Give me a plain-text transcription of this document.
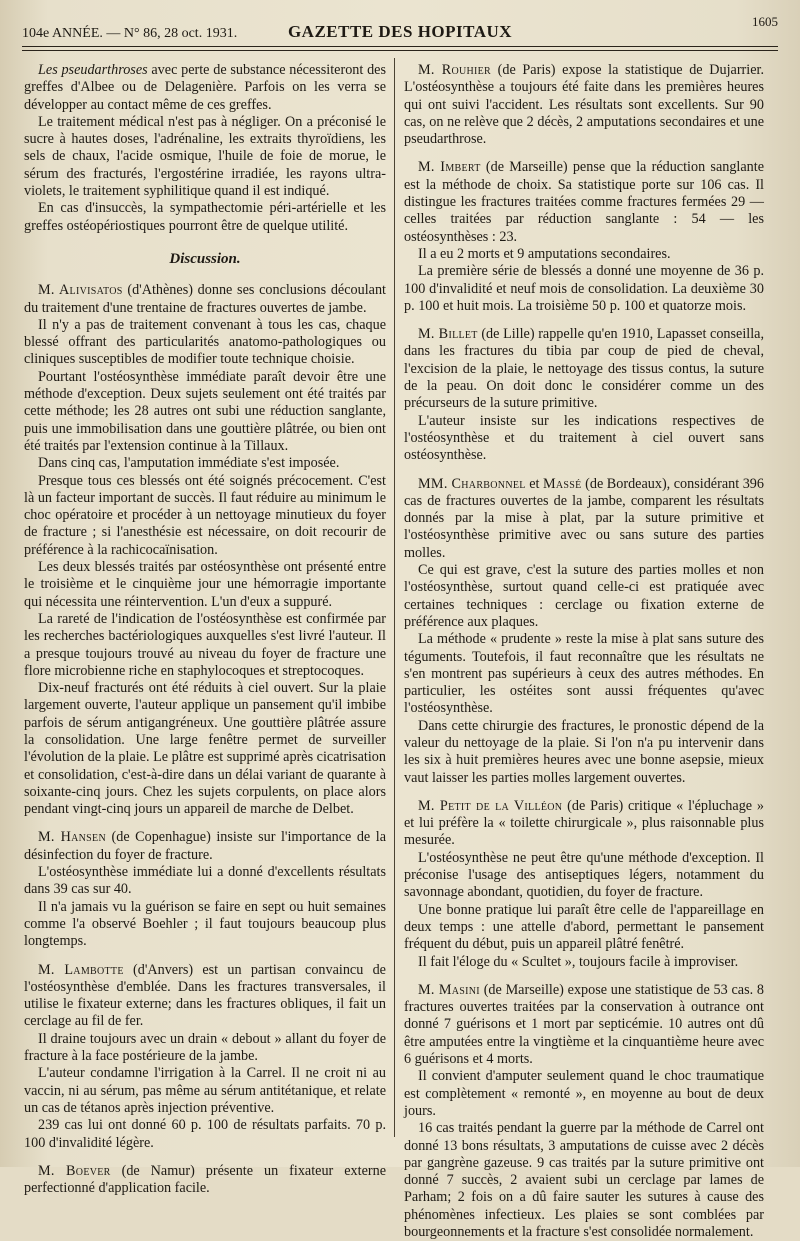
104e ANNÉE. — N° 86, 28 oct. 1931.	GAZETTE DES HOPITAUX
1605

Les pseudarthroses avec perte de substance nécessiteront des greffes d'Albee ou de Delagenière. Parfois on les verra se développer au contact même de ces greffes.

Le traitement médical n'est pas à négliger. On a préconisé le sucre à hautes doses, l'adrénaline, les extraits thyroïdiens, les sels de chaux, l'acide osmique, l'huile de foie de morue, le sérum des fracturés, l'ergostérine irradiée, les rayons ultra-violets, le traitement syphilitique quand il est indiqué.

En cas d'insuccès, la sympathectomie péri-artérielle et les greffes ostéopériostiques pourront être de quelque utilité.

Discussion.

M. Alivisatos (d'Athènes) donne ses conclusions découlant du traitement d'une trentaine de fractures ouvertes de jambe.

Il n'y a pas de traitement convenant à tous les cas, chaque blessé offrant des particularités anatomo-pathologiques ou cliniques susceptibles de modifier toute technique choisie.

Pourtant l'ostéosynthèse immédiate paraît devoir être une méthode d'exception. Deux sujets seulement ont été traités par cette méthode; les 28 autres ont subi une réduction sanglante, puis une immobilisation dans une gouttière plâtrée, ou bien ont été traités par l'extension continue à la Tillaux.

Dans cinq cas, l'amputation immédiate s'est imposée.

Presque tous ces blessés ont été soignés précocement. C'est là un facteur important de succès. Il faut réduire au minimum le choc opératoire et procéder à un nettoyage minutieux du foyer de fracture ; si l'anesthésie est nécessaire, on doit recourir de préférence à la rachicocaïnisation.

Les deux blessés traités par ostéosynthèse ont présenté entre le troisième et le cinquième jour une hémorragie importante qui nécessita une réintervention. L'un d'eux a suppuré.

La rareté de l'indication de l'ostéosynthèse est confirmée par les recherches bactériologiques auxquelles s'est livré l'auteur. Il a presque toujours trouvé au niveau du foyer de fracture une flore microbienne riche en staphylocoques et streptocoques.

Dix-neuf fracturés ont été réduits à ciel ouvert. Sur la plaie largement ouverte, l'auteur applique un pansement qu'il imbibe parfois de sérum antigangréneux. Une gouttière plâtrée assure la consolidation. Une large fenêtre permet de surveiller l'évolution de la plaie. Le plâtre est supprimé après cicatrisation et consolidation, c'est-à-dire dans un délai variant de quarante à soixante-cinq jours. Chez les sujets corpulents, on place alors pendant vingt-cinq jours un appareil de marche de Delbet.

M. Hansen (de Copenhague) insiste sur l'importance de la désinfection du foyer de fracture.

L'ostéosynthèse immédiate lui a donné d'excellents résultats dans 39 cas sur 40.

Il n'a jamais vu la guérison se faire en sept ou huit semaines comme l'a observé Boehler ; il faut toujours beaucoup plus longtemps.

M. Lambotte (d'Anvers) est un partisan convaincu de l'ostéosynthèse d'emblée. Dans les fractures transversales, il utilise le fixateur externe; dans les fractures obliques, il fait un cerclage au fil de fer.

Il draine toujours avec un drain « debout » allant du foyer de fracture à la face postérieure de la jambe.

L'auteur condamne l'irrigation à la Carrel. Il ne croit ni au vaccin, ni au sérum, pas même au sérum antitétanique, et relate un cas de tétanos après injection préventive.

239 cas lui ont donné 60 p. 100 de résultats parfaits. 70 p. 100 d'invalidité légère.

M. Boever (de Namur) présente un fixateur externe perfectionné d'application facile.

M. Rouhier (de Paris) expose la statistique de Dujarrier. L'ostéosynthèse a toujours été faite dans les premières heures qui ont suivi l'accident. Les résultats sont excellents. Sur 90 cas, on ne relève que 2 décès, 2 amputations secondaires et une pseudarthrose.

M. Imbert (de Marseille) pense que la réduction sanglante est la méthode de choix. Sa statistique porte sur 106 cas. Il distingue les fractures traitées comme fractures fermées 29 — celles traitées par réduction sanglante : 54 — les ostéosynthèses : 23.

Il a eu 2 morts et 9 amputations secondaires.

La première série de blessés a donné une moyenne de 36 p. 100 d'invalidité et neuf mois de consolidation. La deuxième 30 p. 100 et huit mois. La troisième 50 p. 100 et quatorze mois.

M. Billet (de Lille) rappelle qu'en 1910, Lapasset conseilla, dans les fractures du tibia par coup de pied de cheval, l'excision de la plaie, le nettoyage des tissus contus, la suture de la peau. On doit donc le considérer comme un des précurseurs de la suture primitive.

L'auteur insiste sur les indications respectives de l'ostéosynthèse et du traitement à ciel ouvert sans ostéosynthèse.

MM. Charbonnel et Massé (de Bordeaux), considérant 396 cas de fractures ouvertes de la jambe, comparent les résultats donnés par la mise à plat, par la suture primitive et l'ostéosynthèse primitive avec ou sans suture des parties molles.

Ce qui est grave, c'est la suture des parties molles et non l'ostéosynthèse, surtout quand celle-ci est pratiquée avec certaines techniques : cerclage ou fixation externe de préférence aux plaques.

La méthode « prudente » reste la mise à plat sans suture des téguments. Toutefois, il faut reconnaître que les résultats ne s'en montrent pas supérieurs à ceux des autres méthodes. En particulier, les ostéites sont aussi fréquentes qu'avec l'ostéosynthèse.

Dans cette chirurgie des fractures, le pronostic dépend de la valeur du nettoyage de la plaie. Si l'on n'a pu intervenir dans les six à huit premières heures avec une bonne asepsie, mieux vaut laisser les parties molles largement ouvertes.

M. Petit de la Villéon (de Paris) critique « l'épluchage » et lui préfère la « toilette chirurgicale », plus raisonnable plus mesurée.

L'ostéosynthèse ne peut être qu'une méthode d'exception. Il préconise l'usage des antiseptiques légers, notamment du savonnage abondant, quotidien, du foyer de fracture.

Une bonne pratique lui paraît être celle de l'appareillage en deux temps : une attelle d'abord, permettant le pansement fréquent du début, puis un appareil plâtré fenêtré.

Il fait l'éloge du « Scultet », toujours facile à improviser.

M. Masini (de Marseille) expose une statistique de 53 cas. 8 fractures ouvertes traitées par la conservation à outrance ont donné 7 guérisons et 1 mort par septicémie. 10 autres ont dû être amputées entre la vingtième et la cinquantième heure avec 6 guérisons et 4 morts.

Il convient d'amputer seulement quand le choc traumatique est complètement « remonté », en moyenne au bout de deux jours.

16 cas traités pendant la guerre par la méthode de Carrel ont donné 13 bons résultats, 3 amputations de cuisse avec 2 décès par gangrène gazeuse. 9 cas traités par la suture primitive ont donné 7 succès, 2 avaient subi un cerclage par lames de Parham; 2 fois on a dû faire sauter les sutures à cause des phénomènes infectieux. Les plaies se sont comblées par bourgeonnements et la fracture s'est consolidée normalement.
